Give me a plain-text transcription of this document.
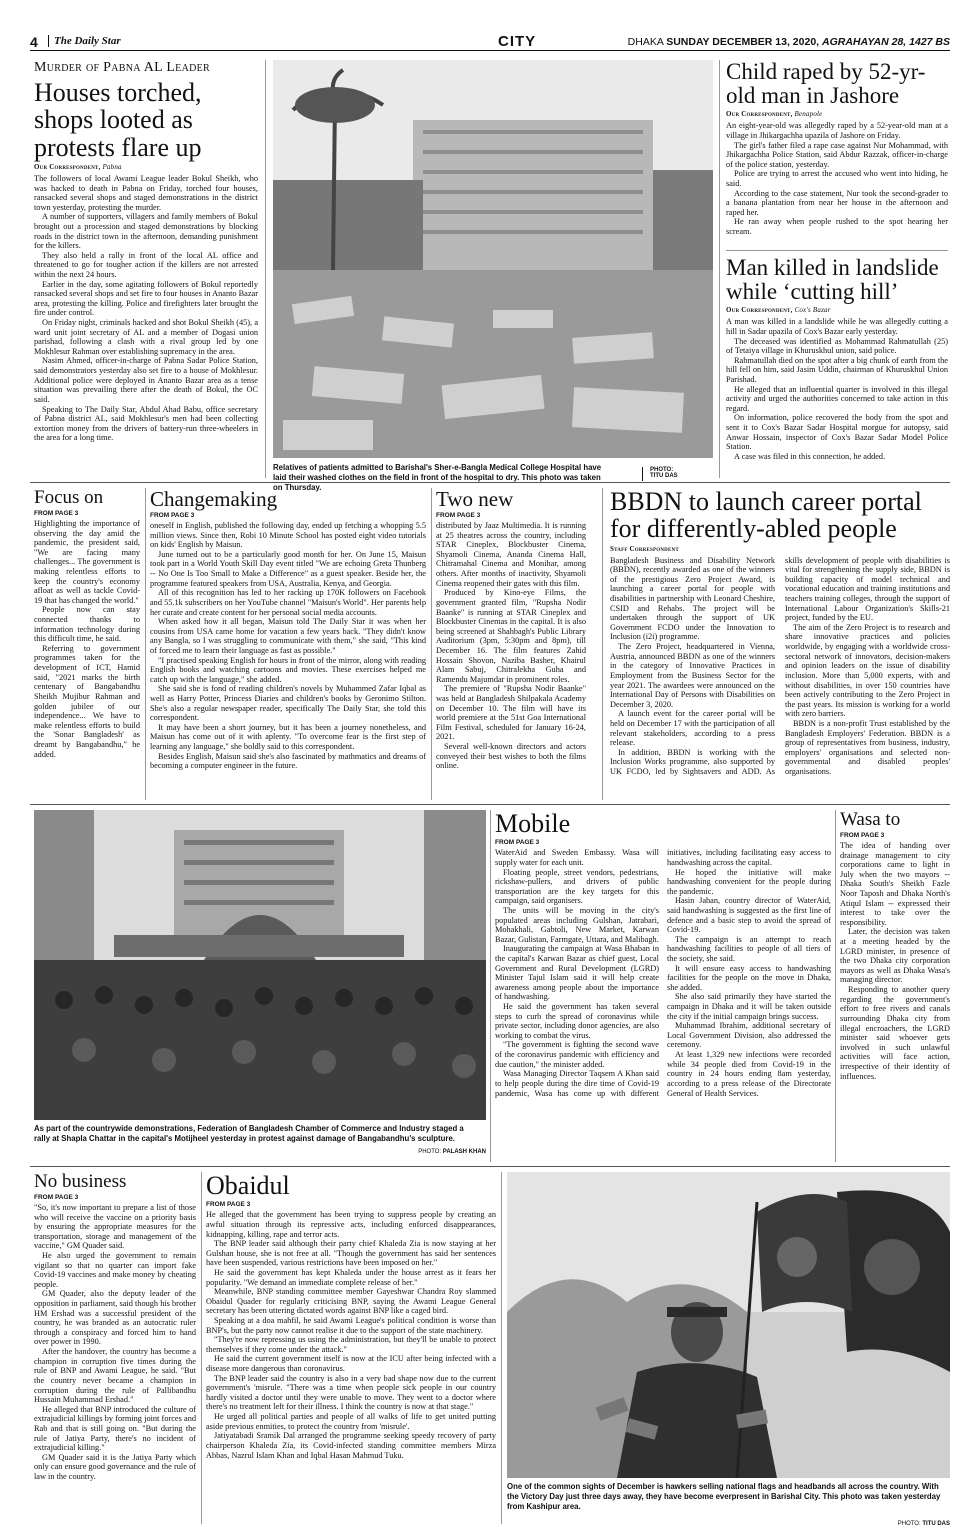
4	The Daily Star	CITY	DHAKA SUNDAY DECEMBER 13, 2020, AGRAHAYAN 28, 1427 BS
Murder of Pabna AL Leader
Houses torched, shops looted as protests flare up
Our Correspondent, Pabna

The followers of local Awami League leader Bokul Sheikh, who was hacked to death in Pabna on Friday, torched four houses, ransacked several shops and staged demonstrations in the district town yesterday, protesting the murder.

A number of supporters, villagers and family members of Bokul brought out a procession and staged demonstrations by blocking roads in the district town in the afternoon, demanding punishment for the killers.

They also held a rally in front of the local AL office and threatened to go for tougher action if the killers are not arrested within the next 24 hours.

Earlier in the day, some agitating followers of Bokul reportedly ransacked several shops and set fire to four houses in Ananto Bazar area, protesting the killing. Police and firefighters later brought the fire under control.

On Friday night, criminals hacked and shot Bokul Sheikh (45), a ward unit joint secretary of AL and a member of Dogasi union parishad, following a clash with a rival group led by one Mokhlesur Rahman over establishing supremacy in the area.

Nasim Ahmed, officer-in-charge of Pabna Sadar Police Station, said demonstrators yesterday also set fire to a house of Mokhlesur. Additional police were deployed in Ananto Bazar area as a tense situation was prevailing there after the death of Bokul, the OC said.

Speaking to The Daily Star, Abdul Ahad Babu, office secretary of Pabna district AL, said Mokhlesur's men had been collecting extortion money from the drivers of battery-run three-wheelers in the area for a long time.

Relatives of patients admitted to Barishal's Sher-e-Bangla Medical College Hospital have laid their washed clothes on the field in front of the hospital to dry. This photo was taken on Thursday.
PHOTO:
TITU DAS
Child raped by 52-yr-old man in Jashore
Our Correspondent, Benapole

An eight-year-old was allegedly raped by a 52-year-old man at a village in Jhikargachha upazila of Jashore on Friday.

The girl's father filed a rape case against Nur Mohammad, with Jhikargachha Police Station, said Abdur Razzak, officer-in-charge of the police station, yesterday.

Police are trying to arrest the accused who went into hiding, he said.

According to the case statement, Nur took the second-grader to a banana plantation from near her house in the afternoon and raped her.

He ran away when people rushed to the spot hearing her scream.

Man killed in landslide while ‘cutting hill’
Our Correspondent, Cox's Bazar

A man was killed in a landslide while he was allegedly cutting a hill in Sadar upazila of Cox's Bazar early yesterday.

The deceased was identified as Mohammad Rahmatullah (25) of Tetaiya village in Khuruskhul union, said police.

Rahmatullah died on the spot after a big chunk of earth from the hill fell on him, said Jasim Uddin, chairman of Khuruskhul Union Parishad.

He alleged that an influential quarter is involved in this illegal activity and urged the authorities concerned to take action in this regard.

On information, police recovered the body from the spot and sent it to Cox's Bazar Sadar Hospital morgue for autopsy, said Anwar Hossain, inspector of Cox's Bazar Sadar Model Police Station.

A case was filed in this connection, he added.

Focus on
FROM PAGE 3

Highlighting the importance of observing the day amid the pandemic, the president said, "We are facing many challenges... The government is making relentless efforts to keep the country's economy afloat as well as tackle Covid-19 that has changed the world."

People now can stay connected thanks to information technology during this difficult time, he said.

Referring to government programmes taken for the development of ICT, Hamid said, "2021 marks the birth centenary of Bangabandhu Sheikh Mujibur Rahman and golden jubilee of our independence... We have to make relentless efforts to build the 'Sonar Bangladesh' as dreamt by Bangabandhu," he added.

Changemaking
FROM PAGE 3

oneself in English, published the following day, ended up fetching a whopping 5.5 million views. Since then, Robi 10 Minute School has posted eight video tutorials on kids' English by Maisun.

June turned out to be a particularly good month for her. On June 15, Maisun took part in a World Youth Skill Day event titled "We are echoing Greta Thunberg -- No One Is Too Small to Make a Difference" as a guest speaker. Beside her, the programme featured speakers from USA, Australia, Kenya, and Georgia.

All of this recognition has led to her racking up 170K followers on Facebook and 55.1k subscribers on her YouTube channel "Maisun's World". Her parents help her curate and create content for her personal social media accounts.

When asked how it all began, Maisun told The Daily Star it was when her cousins from USA came home for vacation a few years back. "They didn't know any Bangla, so I was struggling to communicate with them," she said, "This kind of forced me to learn their language as fast as possible."

"I practised speaking English for hours in front of the mirror, along with reading English books and watching cartoons and movies. These exercises helped me catch up with the language," she added.

She said she is fond of reading children's novels by Muhammed Zafar Iqbal as well as Harry Potter, Princess Diaries and children's books by Geronimo Stilton. She's also a regular newspaper reader, specifically The Daily Star, she told this correspondent.

It may have been a short journey, but it has been a journey nonetheless, and Maisun has come out of it with aplenty. "To overcome fear is the first step of learning any language," she boldly said to this correspondent.

Besides English, Maisun said she's also fascinated by mathmatics and dreams of becoming a computer engineer in the future.

Two new
FROM PAGE 3

distributed by Jaaz Multimedia. It is running at 25 theatres across the country, including STAR Cineplex, Blockbuster Cinema, Shyamoli Cinema, Ananda Cinema Hall, Chitramahal Cinema and Monihar, among others. After months of inactivity, Shyamoli Cinema reopened their gates with this film.

Produced by Kino-eye Films, the government granted film, "Rupsha Nodir Baanke" is running at STAR Cineplex and Blockbuster Cinemas in the capital. It is also being screened at Shahbagh's Public Library Auditorium (3pm, 5:30pm and 8pm), till December 16. The film features Zahid Hossain Shovon, Naziba Basher, Khairul Alam Sabuj, Chitralekha Guha and Ramendu Majumdar in prominent roles.

The premiere of "Rupsha Nodir Baanke" was held at Bangladesh Shilpakala Academy on December 10. The film will have its world premiere at the 51st Goa International Film Festival, scheduled for January 16-24, 2021.

Several well-known directors and actors conveyed their best wishes to both the films online.

BBDN to launch career portal for differently-abled people
Staff Correspondent

Bangladesh Business and Disability Network (BBDN), recently awarded as one of the winners of the prestigious Zero Project Award, is launching a career portal for people with disabilities in partnership with Leonard Cheshire, CSID and Rehabs. The project will be undertaken through the support of UK Government FCDO under the Innovation to Inclusion (i2i) programme.

The Zero Project, headquartered in Vienna, Austria, announced BBDN as one of the winners in the category of Innovative Practices in Employment from the Business Sector for the year 2021. The awardees were announced on the International Day of Persons with Disabilities on December 3, 2020.

A launch event for the career portal will be held on December 17 with the participation of all relevant stakeholders, according to a press release.

In addition, BBDN is working with the Inclusion Works programme, also supported by UK FCDO, led by Sightsavers and ADD. As skills development of people with disabilities is vital for strengthening the supply side, BBDN is building capacity of model technical and vocational education and training institutions and teachers training colleges, through the support of International Labour Organization's Skills-21 project, funded by the EU.

The aim of the Zero Project is to research and share innovative practices and policies worldwide, by engaging with a worldwide cross-sectoral network of innovators, decision-makers and opinion leaders on the issue of disability inclusion. More than 5,000 experts, with and without disabilities, in over 150 countries have been actively contributing to the Zero Project in the past years. Its mission is working for a world with zero barriers.

BBDN is a non-profit Trust established by the Bangladesh Employers' Federation. BBDN is a group of representatives from business, industry, employers' organisations and selected non-governmental and disabled peoples' organisations.

As part of the countrywide demonstrations, Federation of Bangladesh Chamber of Commerce and Industry staged a rally at Shapla Chattar in the capital's Motijheel yesterday in protest against damage of Bangabandhu's sculpture.
PHOTO: PALASH KHAN
Mobile
FROM PAGE 3

WaterAid and Sweden Embassy. Wasa will supply water for each unit.

Floating people, street vendors, pedestrians, rickshaw-pullers, and drivers of public transportation are the key targets for this campaign, said organisers.

The units will be moving in the city's populated areas including Gulshan, Jatrabari, Mohakhali, Gabtoli, New Market, Karwan Bazar, Gulistan, Farmgate, Uttara, and Malibagh.

Inaugurating the campaign at Wasa Bhaban in the capital's Karwan Bazar as chief guest, Local Government and Rural Development (LGRD) Minister Tajul Islam said it will help create awareness among people about the importance of handwashing.

He said the government has taken several steps to curb the spread of coronavirus while private sector, including donor agencies, are also working to combat the virus.

"The government is fighting the second wave of the coronavirus pandemic with efficiency and due caution," the minister added.

Wasa Managing Director Taqsem A Khan said to help people during the dire time of Covid-19 pandemic, Wasa has come up with different initiatives, including facilitating easy access to handwashing across the capital.

He hoped the initiative will make handwashing convenient for the people during the pandemic.

Hasin Jahan, country director of WaterAid, said handwashing is suggested as the first line of defence and a basic step to avoid the spread of Covid-19.

The campaign is an attempt to reach handwashing facilities to people of all tiers of the society, she said.

It will ensure easy access to handwashing facilities for the people on the move in Dhaka, she added.

She also said primarily they have started the campaign in Dhaka and it will be taken outside the city if the initial campaign brings success.

Muhammad Ibrahim, additional secretary of Local Government Division, also addressed the ceremony.

At least 1,329 new infections were recorded while 34 people died from Covid-19 in the country in 24 hours ending 8am yesterday, according to a press release of the Directorate General of Health Services.

Wasa to
FROM PAGE 3

The idea of handing over drainage management to city corporations came to light in July when the two mayors -- Dhaka South's Sheikh Fazle Noor Taposh and Dhaka North's Atiqul Islam -- expressed their interest to take over the responsibility.

Later, the decision was taken at a meeting headed by the LGRD minister, in presence of the two Dhaka city corporation mayors as well as Dhaka Wasa's managing director.

Responding to another query regarding the government's effort to free rivers and canals surrounding Dhaka city from illegal encroachers, the LGRD minister said whoever gets involved in such unlawful activities will face action, irrespective of their identity of influences.

No business
FROM PAGE 3

"So, it's now important to prepare a list of those who will receive the vaccine on a priority basis by ensuring the appropriate measures for the transportation, storage and management of the vaccine," GM Quader said.

He also urged the government to remain vigilant so that no quarter can import fake Covid-19 vaccines and make money by cheating people.

GM Quader, also the deputy leader of the opposition in parliament, said though his brother HM Ershad was a successful president of the country, he was branded as an autocratic ruler through a conspiracy and forced him to hand over power in 1990.

After the handover, the country has become a champion in corruption five times during the rule of BNP and Awami League, he said. "But the country never became a champion in corruption during the rule of Pallibandhu Hussain Muhammad Ershad."

He alleged that BNP introduced the culture of extrajudicial killings by forming joint forces and Rab and that is still going on. "But during the rule of Jatiya Party, there's no incident of extrajudicial killing."

GM Quader said it is the Jatiya Party which only can ensure good governance and the rule of law in the country.

Obaidul
FROM PAGE 3

He alleged that the government has been trying to suppress people by creating an awful situation through its repressive acts, including enforced disappearances, kidnapping, killing, rape and terror acts.

The BNP leader said although their party chief Khaleda Zia is now staying at her Gulshan house, she is not free at all. "Though the government has said her sentences have been suspended, various restrictions have been imposed on her."

He said the government has kept Khaleda under the house arrest as it fears her popularity. "We demand an immediate complete release of her."

Meanwhile, BNP standing committee member Gayeshwar Chandra Roy slammed Obaidul Quader for regularly criticising BNP, saying the Awami League General secretary has been uttering dictated words against BNP like a caged bird.

Speaking at a doa mahfil, he said Awami League's political condition is worse than BNP's, but the party now cannot realise it due to the support of the state machinery.

"They're now repressing us using the administration, but they'll be unable to protect themselves if they come under the attack."

He said the current government itself is now at the ICU after being infected with a disease more dangerous than coronavirus.

The BNP leader said the country is also in a very bad shape now due to the current government's 'misrule. "There was a time when people sick people in our country hardly visited a doctor until they were unable to move. They went to a doctor where there's no treatment left for their illness. I think the country is now at that stage."

He urged all political parties and people of all walks of life to get united putting aside previous enmities, to protect the country from 'misrule'.

Jatiyatabadi Sramik Dal arranged the programme seeking speedy recovery of party chairperson Khaleda Zia, its Covid-infected standing committee members Mirza Abbas, Nazrul Islam Khan and Iqbal Hasan Mahmud Tuku.

One of the common sights of December is hawkers selling national flags and headbands all across the country. With the Victory Day just three days away, they have become everpresent in Barishal City. This photo was taken yesterday from Kashipur area.
PHOTO: TITU DAS
